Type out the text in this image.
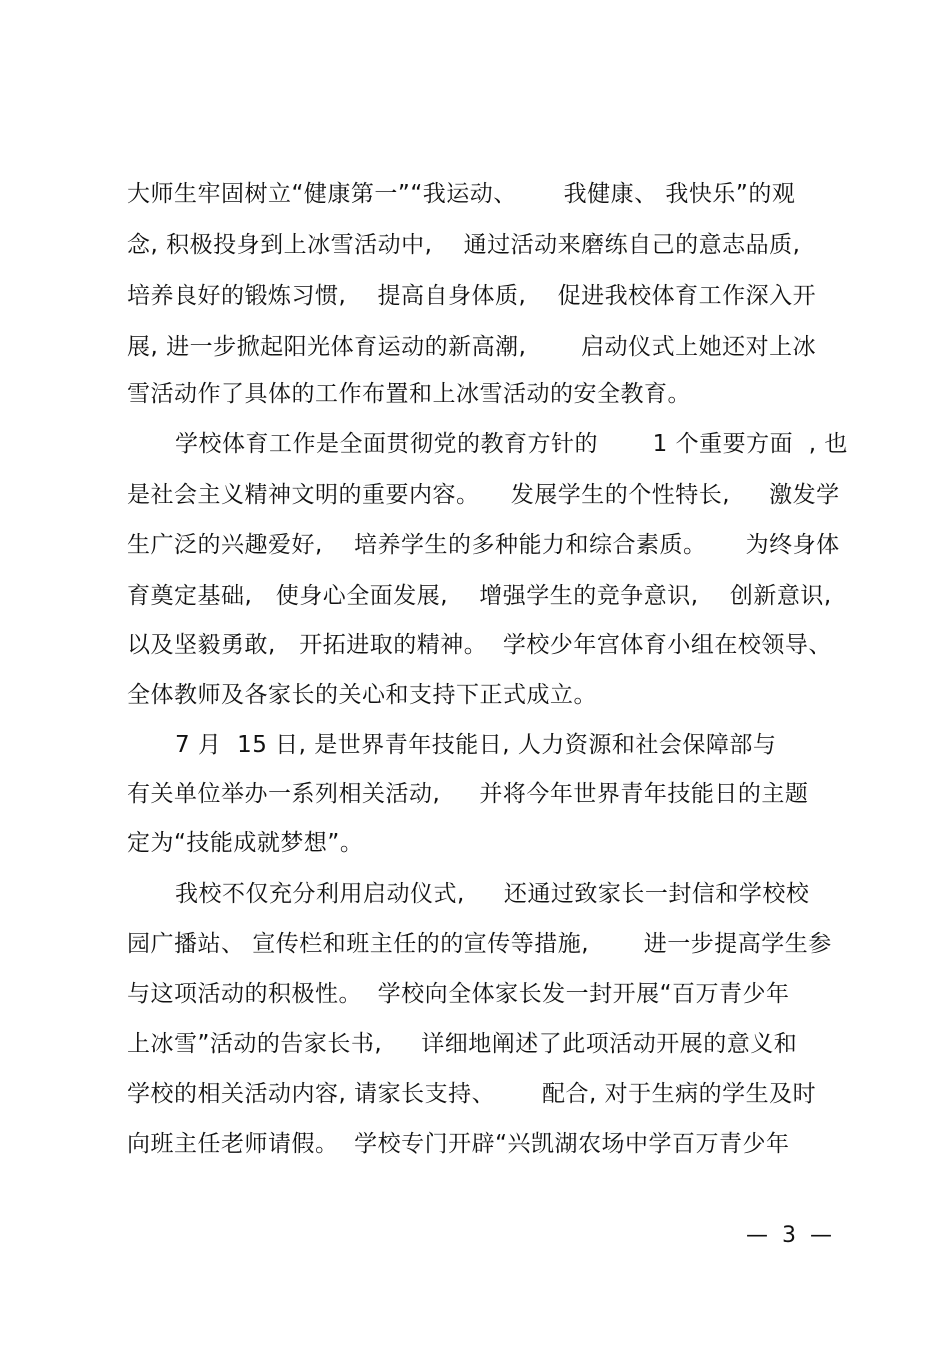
大师生牢固树立“健康第一”“我运动、      我健康、 我快乐”的观
念, 积极投身到上冰雪活动中,    通过活动来磨练自己的意志品质,
培养良好的锻炼习惯,    提高自身体质,    促进我校体育工作深入开
展, 进一步掀起阳光体育运动的新高潮,       启动仪式上她还对上冰
雪活动作了具体的工作布置和上冰雪活动的安全教育。
学校体育工作是全面贯彻党的教育方针的       1 个重要方面  , 也
是社会主义精神文明的重要内容。    发展学生的个性特长,     激发学
生广泛的兴趣爱好,    培养学生的多种能力和综合素质。     为终身体
育奠定基础,   使身心全面发展,    增强学生的竞争意识,    创新意识,
以及坚毅勇敢,   开拓进取的精神。  学校少年宫体育小组在校领导、
全体教师及各家长的关心和支持下正式成立。
7 月  15 日, 是世界青年技能日, 人力资源和社会保障部与
有关单位举办一系列相关活动,     并将今年世界青年技能日的主题
定为“技能成就梦想”。
我校不仅充分利用启动仪式,     还通过致家长一封信和学校校
园广播站、 宣传栏和班主任的的宣传等措施,       进一步提高学生参
与这项活动的积极性。  学校向全体家长发一封开展“百万青少年
上冰雪”活动的告家长书,     详细地阐述了此项活动开展的意义和
学校的相关活动内容, 请家长支持、      配合, 对于生病的学生及时
向班主任老师请假。  学校专门开辟“兴凯湖农场中学百万青少年
—  3  —
